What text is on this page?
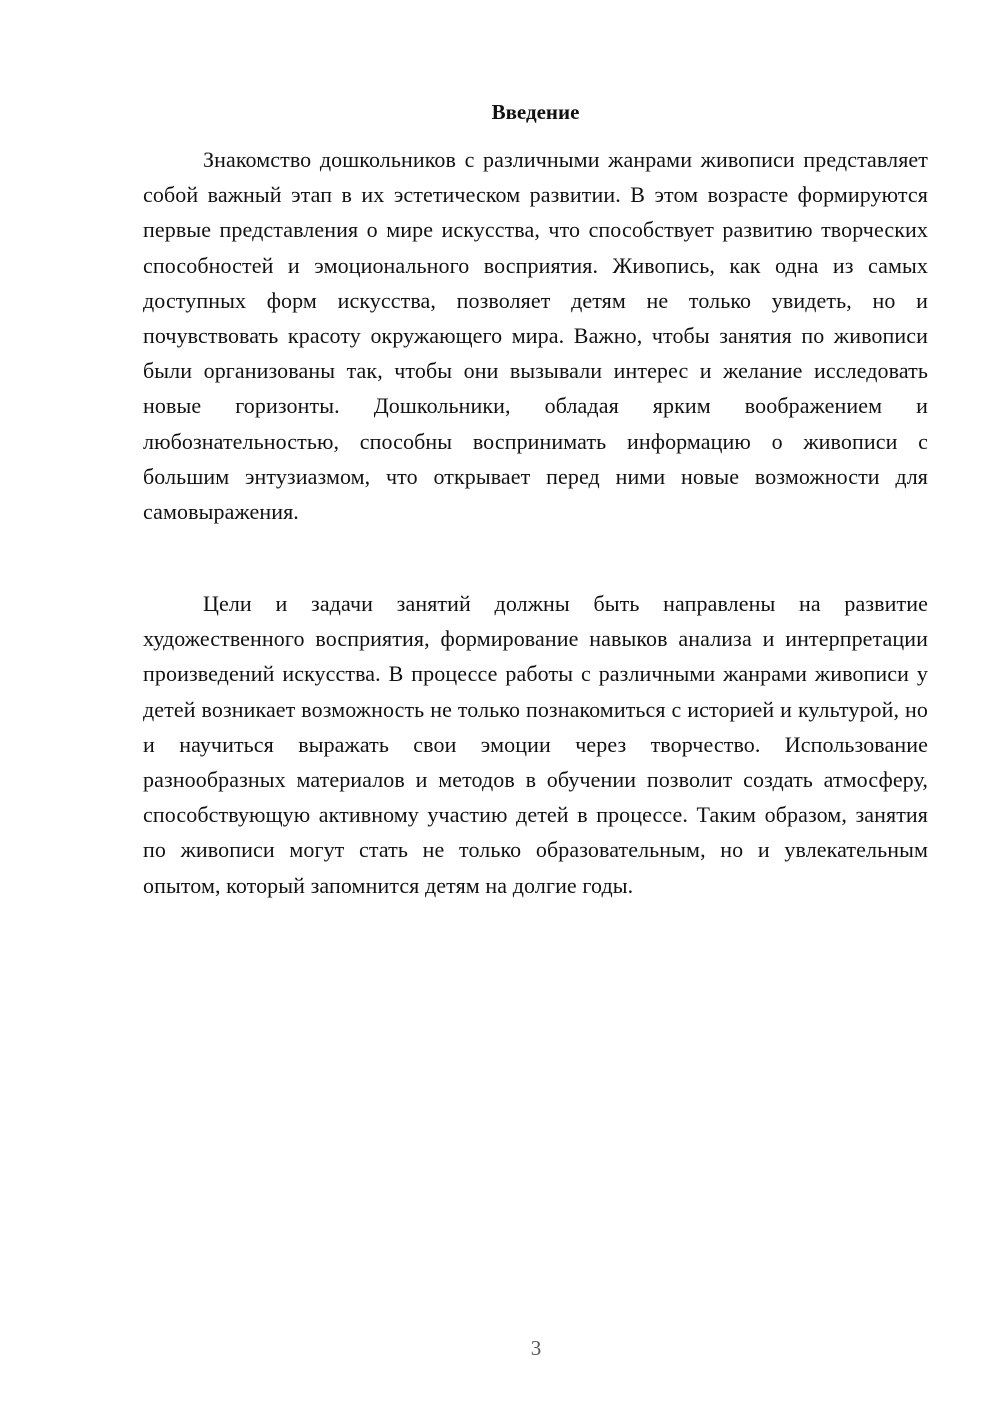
Введение

Знакомство дошкольников с различными жанрами живописи представляет собой важный этап в их эстетическом развитии. В этом возрасте формируются первые представления о мире искусства, что способствует развитию творческих способностей и эмоционального восприятия. Живопись, как одна из самых доступных форм искусства, позволяет детям не только увидеть, но и почувствовать красоту окружающего мира. Важно, чтобы занятия по живописи были организованы так, чтобы они вызывали интерес и желание исследовать новые горизонты. Дошкольники, обладая ярким воображением и любознательностью, способны воспринимать информацию о живописи с большим энтузиазмом, что открывает перед ними новые возможности для самовыражения.

Цели и задачи занятий должны быть направлены на развитие художественного восприятия, формирование навыков анализа и интерпретации произведений искусства. В процессе работы с различными жанрами живописи у детей возникает возможность не только познакомиться с историей и культурой, но и научиться выражать свои эмоции через творчество. Использование разнообразных материалов и методов в обучении позволит создать атмосферу, способствующую активному участию детей в процессе. Таким образом, занятия по живописи могут стать не только образовательным, но и увлекательным опытом, который запомнится детям на долгие годы.

3
